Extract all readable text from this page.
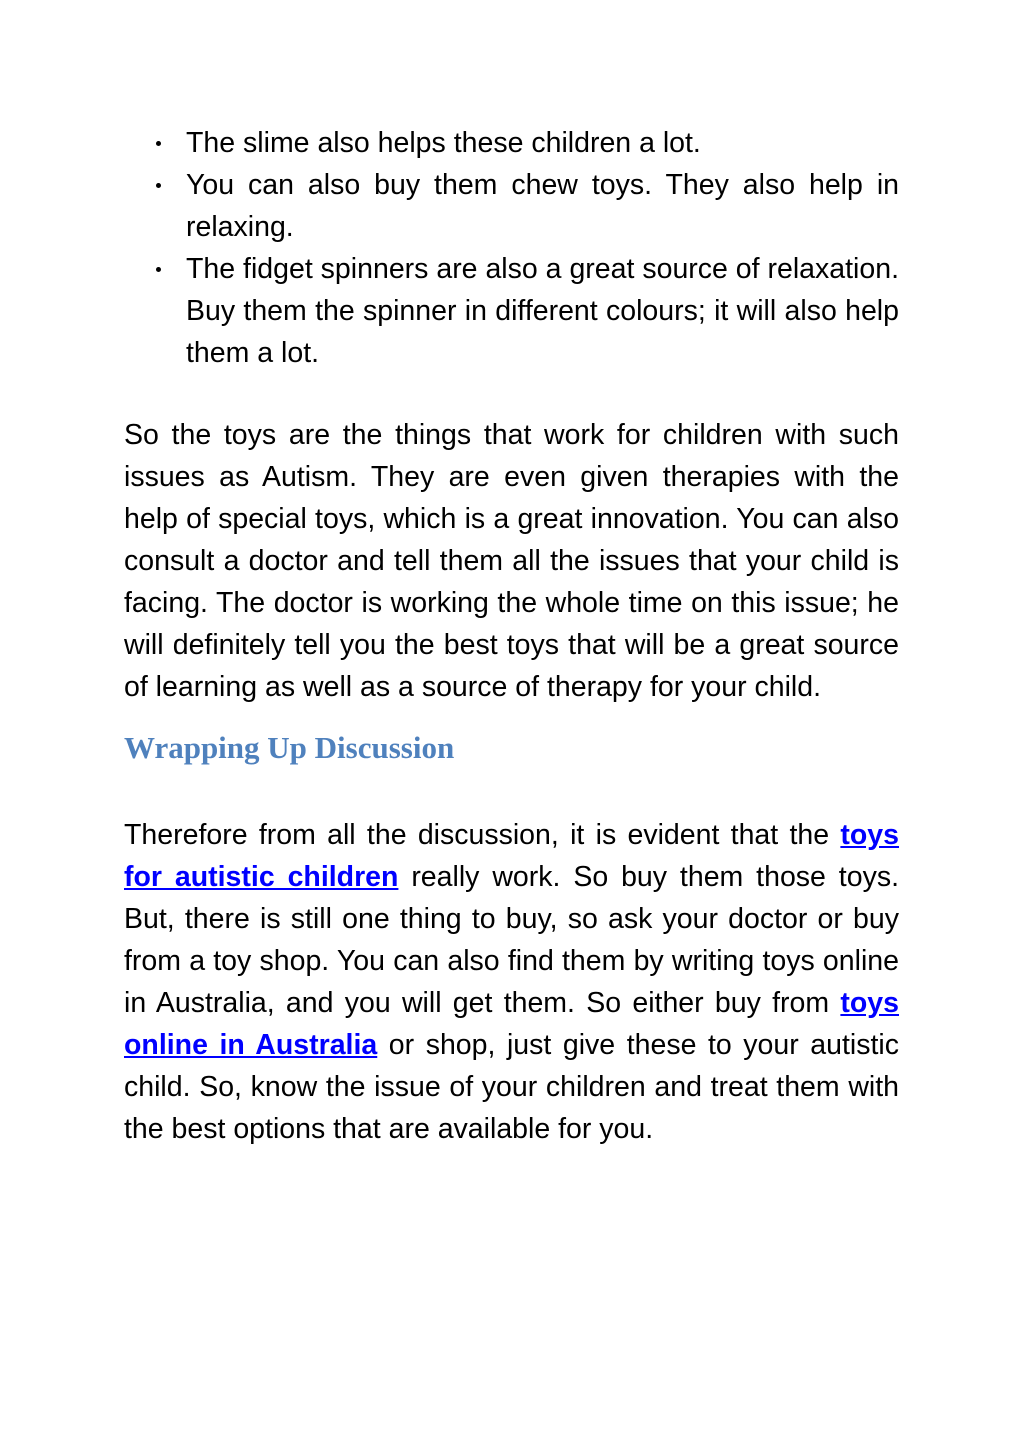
The slime also helps these children a lot.
You can also buy them chew toys. They also help in relaxing.
The fidget spinners are also a great source of relaxation. Buy them the spinner in different colours; it will also help them a lot.

So the toys are the things that work for children with such issues as Autism. They are even given therapies with the help of special toys, which is a great innovation. You can also consult a doctor and tell them all the issues that your child is facing. The doctor is working the whole time on this issue; he will definitely tell you the best toys that will be a great source of learning as well as a source of therapy for your child.

Wrapping Up Discussion

Therefore from all the discussion, it is evident that the toys for autistic children really work. So buy them those toys. But, there is still one thing to buy, so ask your doctor or buy from a toy shop. You can also find them by writing toys online in Australia, and you will get them. So either buy from toys online in Australia or shop, just give these to your autistic child. So, know the issue of your children and treat them with the best options that are available for you.
